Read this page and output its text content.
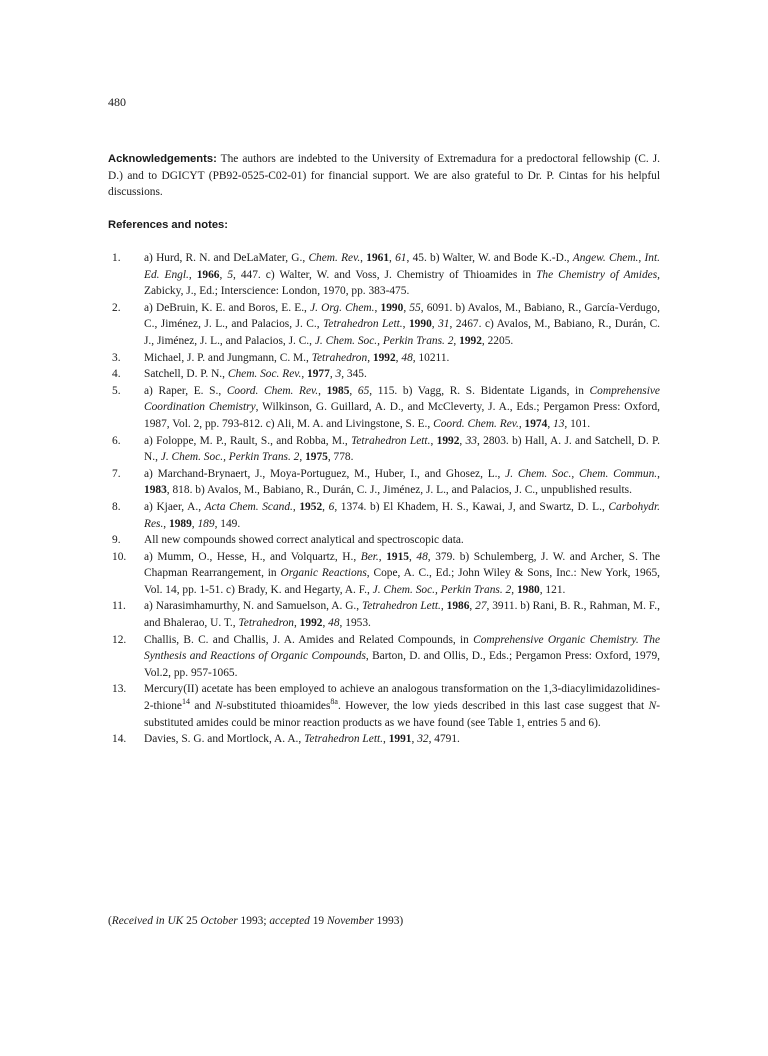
480

Acknowledgements: The authors are indebted to the University of Extremadura for a predoctoral fellowship (C. J. D.) and to DGICYT (PB92-0525-C02-01) for financial support. We are also grateful to Dr. P. Cintas for his helpful discussions.

References and notes:

1. a) Hurd, R. N. and DeLaMater, G., Chem. Rev., 1961, 61, 45. b) Walter, W. and Bode K.-D., Angew. Chem., Int. Ed. Engl., 1966, 5, 447. c) Walter, W. and Voss, J. Chemistry of Thioamides in The Chemistry of Amides, Zabicky, J., Ed.; Interscience: London, 1970, pp. 383-475.

2. a) DeBruin, K. E. and Boros, E. E., J. Org. Chem., 1990, 55, 6091. b) Avalos, M., Babiano, R., García-Verdugo, C., Jiménez, J. L., and Palacios, J. C., Tetrahedron Lett., 1990, 31, 2467. c) Avalos, M., Babiano, R., Durán, C. J., Jiménez, J. L., and Palacios, J. C., J. Chem. Soc., Perkin Trans. 2, 1992, 2205.

3. Michael, J. P. and Jungmann, C. M., Tetrahedron, 1992, 48, 10211.

4. Satchell, D. P. N., Chem. Soc. Rev., 1977, 3, 345.

5. a) Raper, E. S., Coord. Chem. Rev., 1985, 65, 115. b) Vagg, R. S. Bidentate Ligands, in Comprehensive Coordination Chemistry, Wilkinson, G. Guillard, A. D., and McCleverty, J. A., Eds.; Pergamon Press: Oxford, 1987, Vol. 2, pp. 793-812. c) Ali, M. A. and Livingstone, S. E., Coord. Chem. Rev., 1974, 13, 101.

6. a) Foloppe, M. P., Rault, S., and Robba, M., Tetrahedron Lett., 1992, 33, 2803. b) Hall, A. J. and Satchell, D. P. N., J. Chem. Soc., Perkin Trans. 2, 1975, 778.

7. a) Marchand-Brynaert, J., Moya-Portuguez, M., Huber, I., and Ghosez, L., J. Chem. Soc., Chem. Commun., 1983, 818. b) Avalos, M., Babiano, R., Durán, C. J., Jiménez, J. L., and Palacios, J. C., unpublished results.

8. a) Kjaer, A., Acta Chem. Scand., 1952, 6, 1374. b) El Khadem, H. S., Kawai, J, and Swartz, D. L., Carbohydr. Res., 1989, 189, 149.

9. All new compounds showed correct analytical and spectroscopic data.

10. a) Mumm, O., Hesse, H., and Volquartz, H., Ber., 1915, 48, 379. b) Schulemberg, J. W. and Archer, S. The Chapman Rearrangement, in Organic Reactions, Cope, A. C., Ed.; John Wiley & Sons, Inc.: New York, 1965, Vol. 14, pp. 1-51. c) Brady, K. and Hegarty, A. F., J. Chem. Soc., Perkin Trans. 2, 1980, 121.

11. a) Narasimhamurthy, N. and Samuelson, A. G., Tetrahedron Lett., 1986, 27, 3911. b) Rani, B. R., Rahman, M. F., and Bhalerao, U. T., Tetrahedron, 1992, 48, 1953.

12. Challis, B. C. and Challis, J. A. Amides and Related Compounds, in Comprehensive Organic Chemistry. The Synthesis and Reactions of Organic Compounds, Barton, D. and Ollis, D., Eds.; Pergamon Press: Oxford, 1979, Vol.2, pp. 957-1065.

13. Mercury(II) acetate has been employed to achieve an analogous transformation on the 1,3-diacylimidazolidines-2-thione$^{14}$ and N-substituted thioamides$^{8a}$. However, the low yieds described in this last case suggest that N-substituted amides could be minor reaction products as we have found (see Table 1, entries 5 and 6).

14. Davies, S. G. and Mortlock, A. A., Tetrahedron Lett., 1991, 32, 4791.

(Received in UK 25 October 1993; accepted 19 November 1993)
